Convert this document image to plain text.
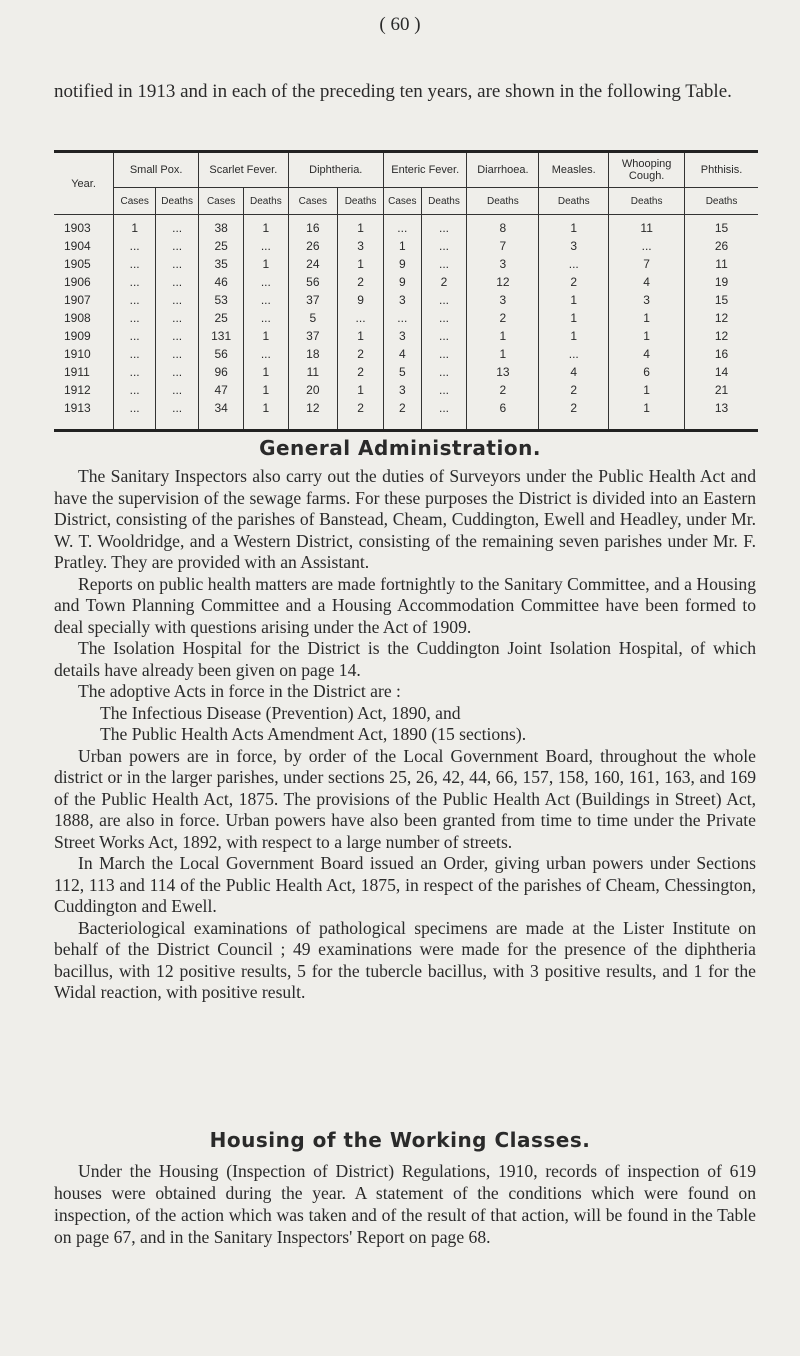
( 60 )
notified in 1913 and in each of the preceding ten years, are shown in the following Table.
Year.	Small Pox.		Scarlet Fever.		Diphtheria.		Enteric Fever.		Diarrhoea.	Measles.	Whooping Cough.	Phthisis.
	Cases	Deaths	Cases	Deaths	Cases	Deaths	Cases	Deaths	Deaths	Deaths	Deaths	Deaths
1903	1	...	38	1	16	1	...	...	8	1	11	15
1904	...	...	25	...	26	3	1	...	7	3	...	26
1905	...	...	35	1	24	1	9	...	3	...	7	11
1906	...	...	46	...	56	2	9	2	12	2	4	19
1907	...	...	53	...	37	9	3	...	3	1	3	15
1908	...	...	25	...	5	...	...	...	2	1	1	12
1909	...	...	131	1	37	1	3	...	1	1	1	12
1910	...	...	56	...	18	2	4	...	1	...	4	16
1911	...	...	96	1	11	2	5	...	13	4	6	14
1912	...	...	47	1	20	1	3	...	2	2	1	21
1913	...	...	34	1	12	2	2	...	6	2	1	13
General Administration.

The Sanitary Inspectors also carry out the duties of Surveyors under the Public Health Act and have the supervision of the sewage farms. For these purposes the District is divided into an Eastern District, consisting of the parishes of Banstead, Cheam, Cuddington, Ewell and Headley, under Mr. W. T. Wooldridge, and a Western District, consisting of the remaining seven parishes under Mr. F. Pratley. They are provided with an Assistant.

Reports on public health matters are made fortnightly to the Sanitary Committee, and a Housing and Town Planning Committee and a Housing Accommodation Committee have been formed to deal specially with questions arising under the Act of 1909.

The Isolation Hospital for the District is the Cuddington Joint Isolation Hospital, of which details have already been given on page 14.

The adoptive Acts in force in the District are :

The Infectious Disease (Prevention) Act, 1890, and

The Public Health Acts Amendment Act, 1890 (15 sections).

Urban powers are in force, by order of the Local Government Board, throughout the whole district or in the larger parishes, under sections 25, 26, 42, 44, 66, 157, 158, 160, 161, 163, and 169 of the Public Health Act, 1875. The provisions of the Public Health Act (Buildings in Street) Act, 1888, are also in force. Urban powers have also been granted from time to time under the Private Street Works Act, 1892, with respect to a large number of streets.

In March the Local Government Board issued an Order, giving urban powers under Sections 112, 113 and 114 of the Public Health Act, 1875, in respect of the parishes of Cheam, Chessington, Cuddington and Ewell.

Bacteriological examinations of pathological specimens are made at the Lister Institute on behalf of the District Council ; 49 examinations were made for the presence of the diphtheria bacillus, with 12 positive results, 5 for the tubercle bacillus, with 3 positive results, and 1 for the Widal reaction, with positive result.

Housing of the Working Classes.

Under the Housing (Inspection of District) Regulations, 1910, records of inspection of 619 houses were obtained during the year. A statement of the conditions which were found on inspection, of the action which was taken and of the result of that action, will be found in the Table on page 67, and in the Sanitary Inspectors' Report on page 68.
